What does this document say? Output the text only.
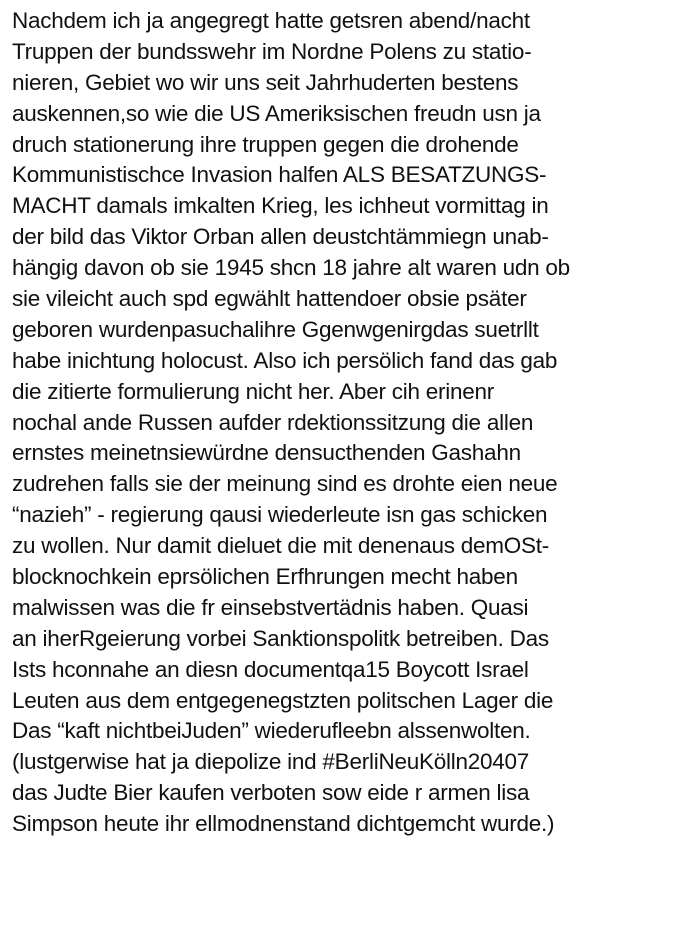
Nachdem ich ja angegregt hatte getsren abend/nacht
Truppen der bundsswehr im Nordne Polens zu statio-
nieren, Gebiet wo wir uns seit Jahrhuderten bestens
auskennen,so wie die US Ameriksischen freudn usn ja
druch stationerung ihre truppen gegen die drohende
Kommunistischce Invasion halfen ALS BESATZUNGS-
MACHT damals imkalten Krieg, les ichheut vormittag in
der bild das Viktor Orban allen deustchtämmiegn unab-
hängig davon ob sie 1945 shcn 18 jahre alt waren udn ob
sie vileicht auch spd egwählt hattendoer obsie psäter
geboren wurdenpasuchalihre Ggenwgenirgdas suetrllt
habe inichtung holocust. Also ich persölich fand das gab
die zitierte formulierung nicht her. Aber cih erinenr
nochal ande Russen aufder rdektionssitzung die allen
ernstes meinetnsiewürdne densucthenden Gashahn
zudrehen falls sie der meinung sind es drohte eien neue
“nazieh” - regierung qausi wiederleute isn gas schicken
zu wollen. Nur damit dieluet die mit denenaus demOSt-
blocknochkein eprsölichen Erfhrungen mecht haben
malwissen was die fr einsebstvertädnis haben. Quasi
an iherRgeierung vorbei Sanktionspolitk betreiben. Das
Ists hconnahe an diesn documentqa15 Boycott Israel
Leuten aus dem entgegenegstzten politschen Lager die
Das “kaft nichtbeiJuden” wiederufleebn alssenwolten.
(lustgerwise hat ja diepolize ind #BerliNeuKölln20407
das Judte Bier kaufen verboten sow eide r armen lisa
Simpson heute ihr ellmodnenstand dichtgemcht wurde.)
